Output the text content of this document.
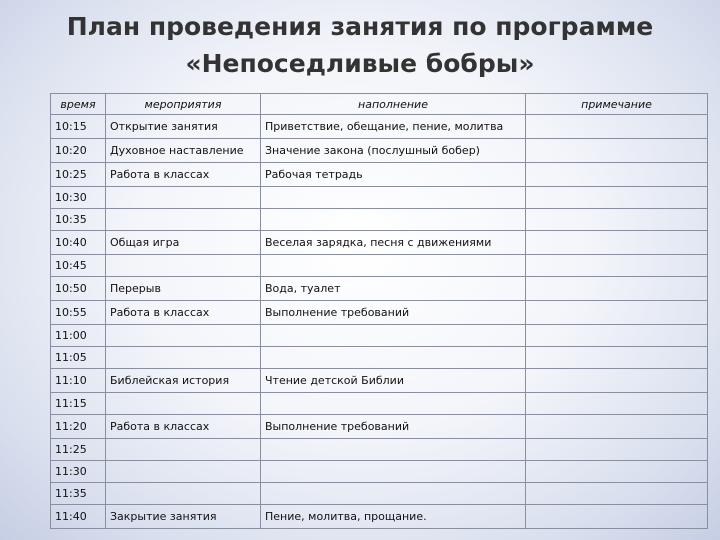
План проведения занятия по программе
«Непоседливые бобры»
время	мероприятия	наполнение	примечание
10:15	Открытие занятия	Приветствие, обещание, пение, молитва	
10:20	Духовное наставление	Значение закона (послушный бобер)	
10:25	Работа в классах	Рабочая тетрадь	
10:30			
10:35			
10:40	Общая игра	Веселая зарядка, песня с движениями	
10:45			
10:50	Перерыв	Вода, туалет	
10:55	Работа в классах	Выполнение требований	
11:00			
11:05			
11:10	Библейская история	Чтение детской Библии	
11:15			
11:20	Работа в классах	Выполнение требований	
11:25			
11:30			
11:35			
11:40	Закрытие занятия	Пение, молитва, прощание.	
